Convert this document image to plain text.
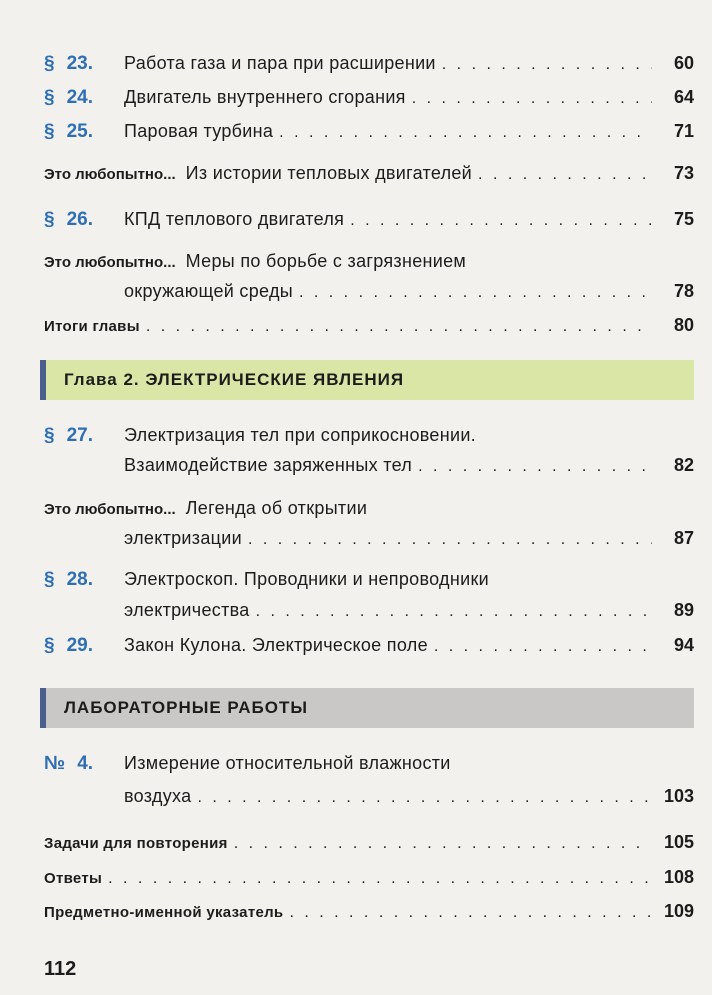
§ 23.	Работа газа и пара при расширении . . .	60
§ 24.	Двигатель внутреннего сгорания . . .	64
§ 25.	Паровая турбина . . .	71
Это любопытно... Из истории тепловых двигателей . . .	73
§ 26.	КПД теплового двигателя . . .	75
Это любопытно... Меры по борьбе с загрязнением
окружающей среды . . .	78
Итоги главы . . .	80
Глава 2. ЭЛЕКТРИЧЕСКИЕ ЯВЛЕНИЯ
§ 27.	Электризация тел при соприкосновении.
Взаимодействие заряженных тел . . .	82
Это любопытно... Легенда об открытии
электризации . . .	87
§ 28.	Электроскоп. Проводники и непроводники
электричества . . .	89
§ 29.	Закон Кулона. Электрическое поле . . .	94
ЛАБОРАТОРНЫЕ РАБОТЫ
№ 4.	Измерение относительной влажности
воздуха . . .	103
Задачи для повторения . . .	105
Ответы . . .	108
Предметно-именной указатель . . .	109
112
